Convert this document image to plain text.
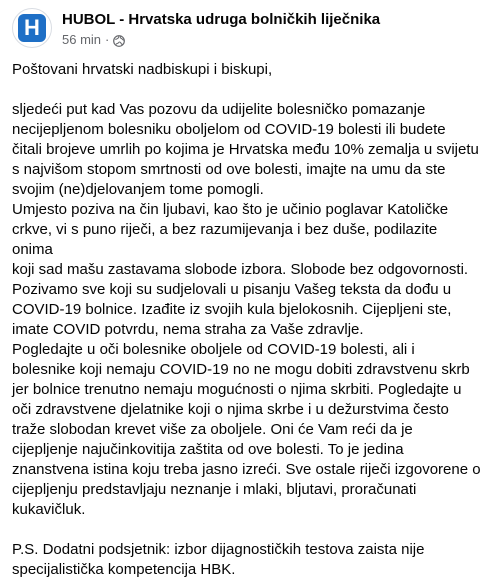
H	HUBOL - Hrvatska udruga bolničkih liječnika
56 min ·

Poštovani hrvatski nadbiskupi i biskupi,

sljedeći put kad Vas pozovu da udijelite bolesničko pomazanje

necijepljenom bolesniku oboljelom od COVID-19 bolesti ili budete

čitali brojeve umrlih po kojima je Hrvatska među 10% zemalja u svijetu

s najvišom stopom smrtnosti od ove bolesti, imajte na umu da ste

svojim (ne)djelovanjem tome pomogli.

Umjesto poziva na čin ljubavi, kao što je učinio poglavar Katoličke

crkve, vi s puno riječi, a bez razumijevanja i bez duše, podilazite onima

koji sad mašu zastavama slobode izbora. Slobode bez odgovornosti.

Pozivamo sve koji su sudjelovali u pisanju Vašeg teksta da dođu u

COVID-19 bolnice. Izađite iz svojih kula bjelokosnih. Cijepljeni ste,

imate COVID potvrdu, nema straha za Vaše zdravlje.

Pogledajte u oči bolesnike oboljele od COVID-19 bolesti, ali i

bolesnike koji nemaju COVID-19 no ne mogu dobiti zdravstvenu skrb

jer bolnice trenutno nemaju mogućnosti o njima skrbiti. Pogledajte u

oči zdravstvene djelatnike koji o njima skrbe i u dežurstvima često

traže slobodan krevet više za oboljele. Oni će Vam reći da je

cijepljenje najučinkovitija zaštita od ove bolesti. To je jedina

znanstvena istina koju treba jasno izreći. Sve ostale riječi izgovorene o

cijepljenju predstavljaju neznanje i mlaki, bljutavi, proračunati

kukavičluk.

P.S. Dodatni podsjetnik: izbor dijagnostičkih testova zaista nije

specijalistička kompetencija HBK.
